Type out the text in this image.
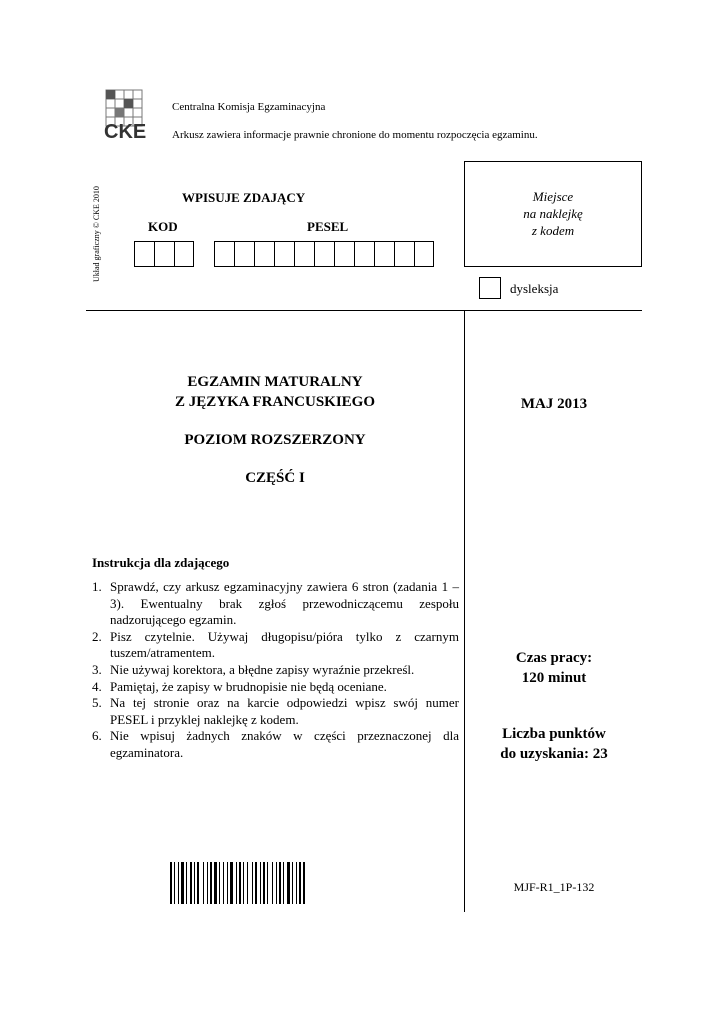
CKE
Centralna Komisja Egzaminacyjna
Arkusz zawiera informacje prawnie chronione do momentu rozpoczęcia egzaminu.
Układ graficzny © CKE 2010	WPISUJE ZDAJĄCY
KOD	PESEL
Miejsce
na naklejkę
z kodem
dysleksja
EGZAMIN MATURALNY
Z JĘZYKA FRANCUSKIEGO
POZIOM ROZSZERZONY
CZĘŚĆ I
MAJ 2013
Instrukcja dla zdającego
1. Sprawdź, czy arkusz egzaminacyjny zawiera 6 stron (zadania 1 – 3). Ewentualny brak zgłoś przewodniczącemu zespołu nadzorującego egzamin.
2. Pisz czytelnie. Używaj długopisu/pióra tylko z czarnym tuszem/atramentem.
3. Nie używaj korektora, a błędne zapisy wyraźnie przekreśl.
4. Pamiętaj, że zapisy w brudnopisie nie będą oceniane.
5. Na tej stronie oraz na karcie odpowiedzi wpisz swój numer PESEL i przyklej naklejkę z kodem.
6. Nie wpisuj żadnych znaków w części przeznaczonej dla egzaminatora.
Czas pracy:
120 minut
Liczba punktów
do uzyskania: 23
MJF-R1_1P-132
